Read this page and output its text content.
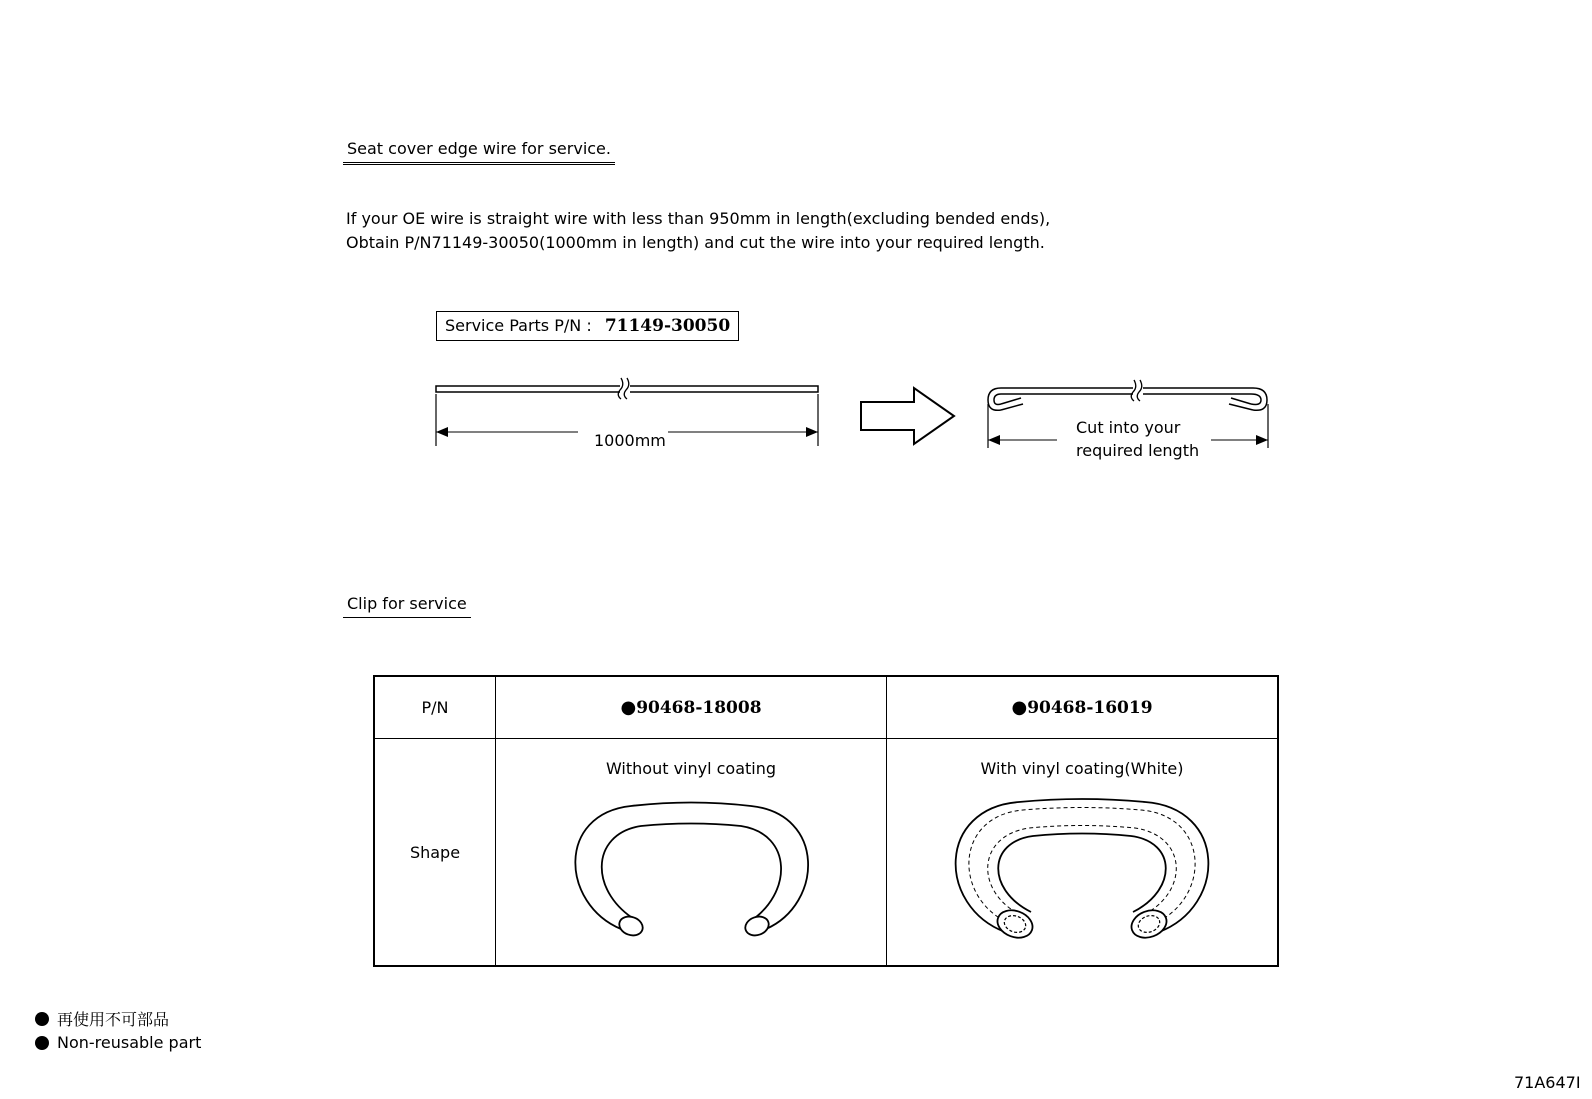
Seat cover edge wire for service.
If your OE wire is straight wire with less than 950mm in length(excluding bended ends),
Obtain P/N71149-30050(1000mm in length) and cut the wire into your required length.
Service Parts P/N : 71149-30050
1000mm
Cut into your
required length
Clip for service
P/N	●90468-18008	●90468-16019
Shape	Without vinyl coating	With vinyl coating(White)
再使用不可部品
Non-reusable part
71A647I
